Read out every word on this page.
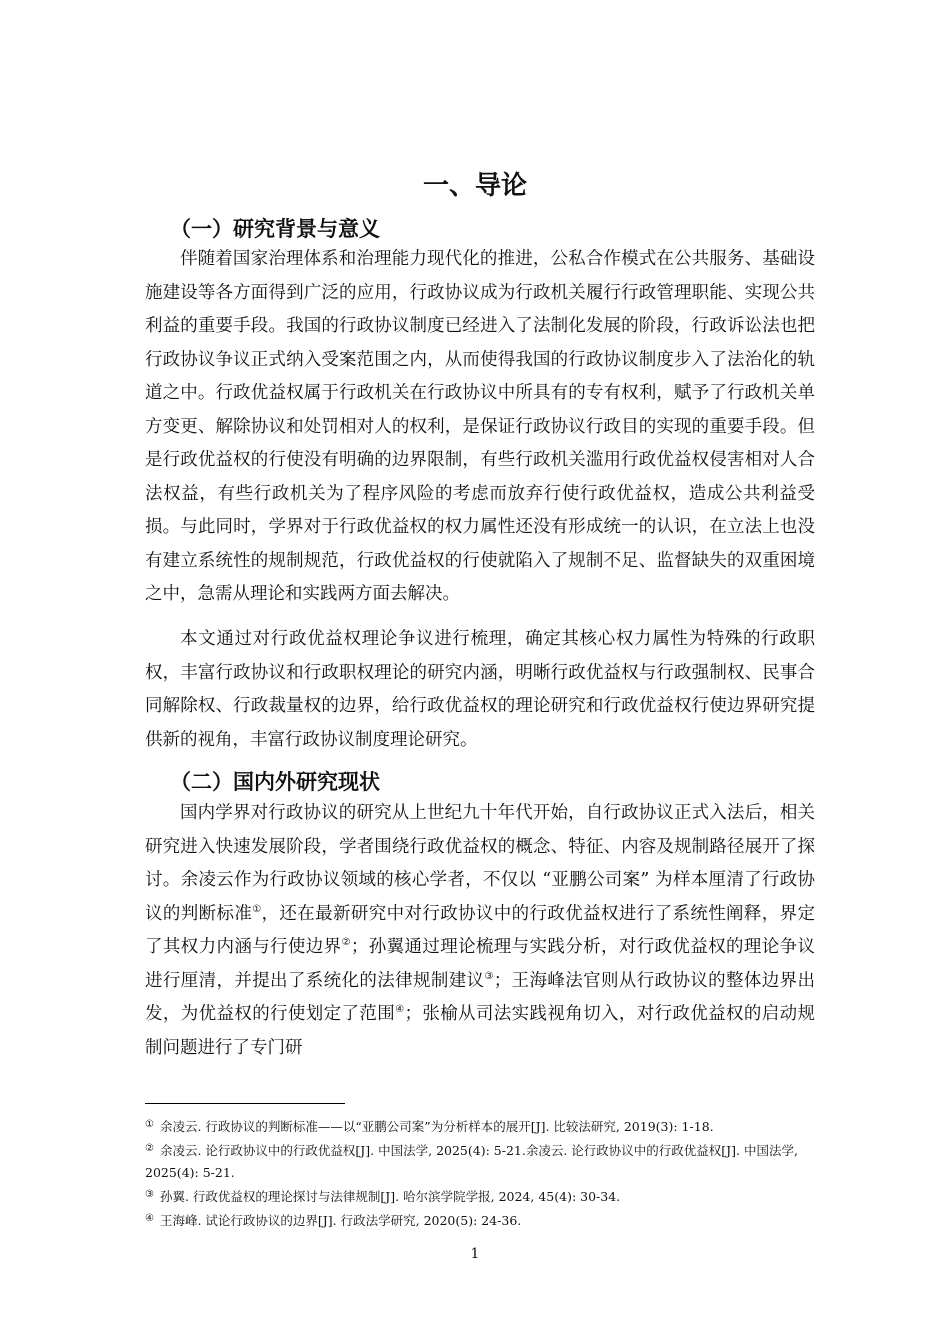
一、导论
（一）研究背景与意义

伴随着国家治理体系和治理能力现代化的推进，公私合作模式在公共服务、基础设施建设等各方面得到广泛的应用，行政协议成为行政机关履行行政管理职能、实现公共利益的重要手段。我国的行政协议制度已经进入了法制化发展的阶段，行政诉讼法也把行政协议争议正式纳入受案范围之内，从而使得我国的行政协议制度步入了法治化的轨道之中。行政优益权属于行政机关在行政协议中所具有的专有权利，赋予了行政机关单方变更、解除协议和处罚相对人的权利，是保证行政协议行政目的实现的重要手段。但是行政优益权的行使没有明确的边界限制，有些行政机关滥用行政优益权侵害相对人合法权益，有些行政机关为了程序风险的考虑而放弃行使行政优益权，造成公共利益受损。与此同时，学界对于行政优益权的权力属性还没有形成统一的认识，在立法上也没有建立系统性的规制规范，行政优益权的行使就陷入了规制不足、监督缺失的双重困境之中，急需从理论和实践两方面去解决。

本文通过对行政优益权理论争议进行梳理，确定其核心权力属性为特殊的行政职权，丰富行政协议和行政职权理论的研究内涵，明晰行政优益权与行政强制权、民事合同解除权、行政裁量权的边界，给行政优益权的理论研究和行政优益权行使边界研究提供新的视角，丰富行政协议制度理论研究。

（二）国内外研究现状

国内学界对行政协议的研究从上世纪九十年代开始，自行政协议正式入法后，相关研究进入快速发展阶段，学者围绕行政优益权的概念、特征、内容及规制路径展开了探讨。余凌云作为行政协议领域的核心学者，不仅以 “亚鹏公司案” 为样本厘清了行政协议的判断标准①，还在最新研究中对行政协议中的行政优益权进行了系统性阐释，界定了其权力内涵与行使边界②；孙翼通过理论梳理与实践分析，对行政优益权的理论争议进行厘清，并提出了系统化的法律规制建议③；王海峰法官则从行政协议的整体边界出发，为优益权的行使划定了范围④；张榆从司法实践视角切入，对行政优益权的启动规制问题进行了专门研

① 余凌云. 行政协议的判断标准——以“亚鹏公司案”为分析样本的展开[J]. 比较法研究, 2019(3): 1-18.

② 余凌云. 论行政协议中的行政优益权[J]. 中国法学, 2025(4): 5-21.余凌云. 论行政协议中的行政优益权[J]. 中国法学, 2025(4): 5-21.

③ 孙翼. 行政优益权的理论探讨与法律规制[J]. 哈尔滨学院学报, 2024, 45(4): 30-34.

④ 王海峰. 试论行政协议的边界[J]. 行政法学研究, 2020(5): 24-36.

1
